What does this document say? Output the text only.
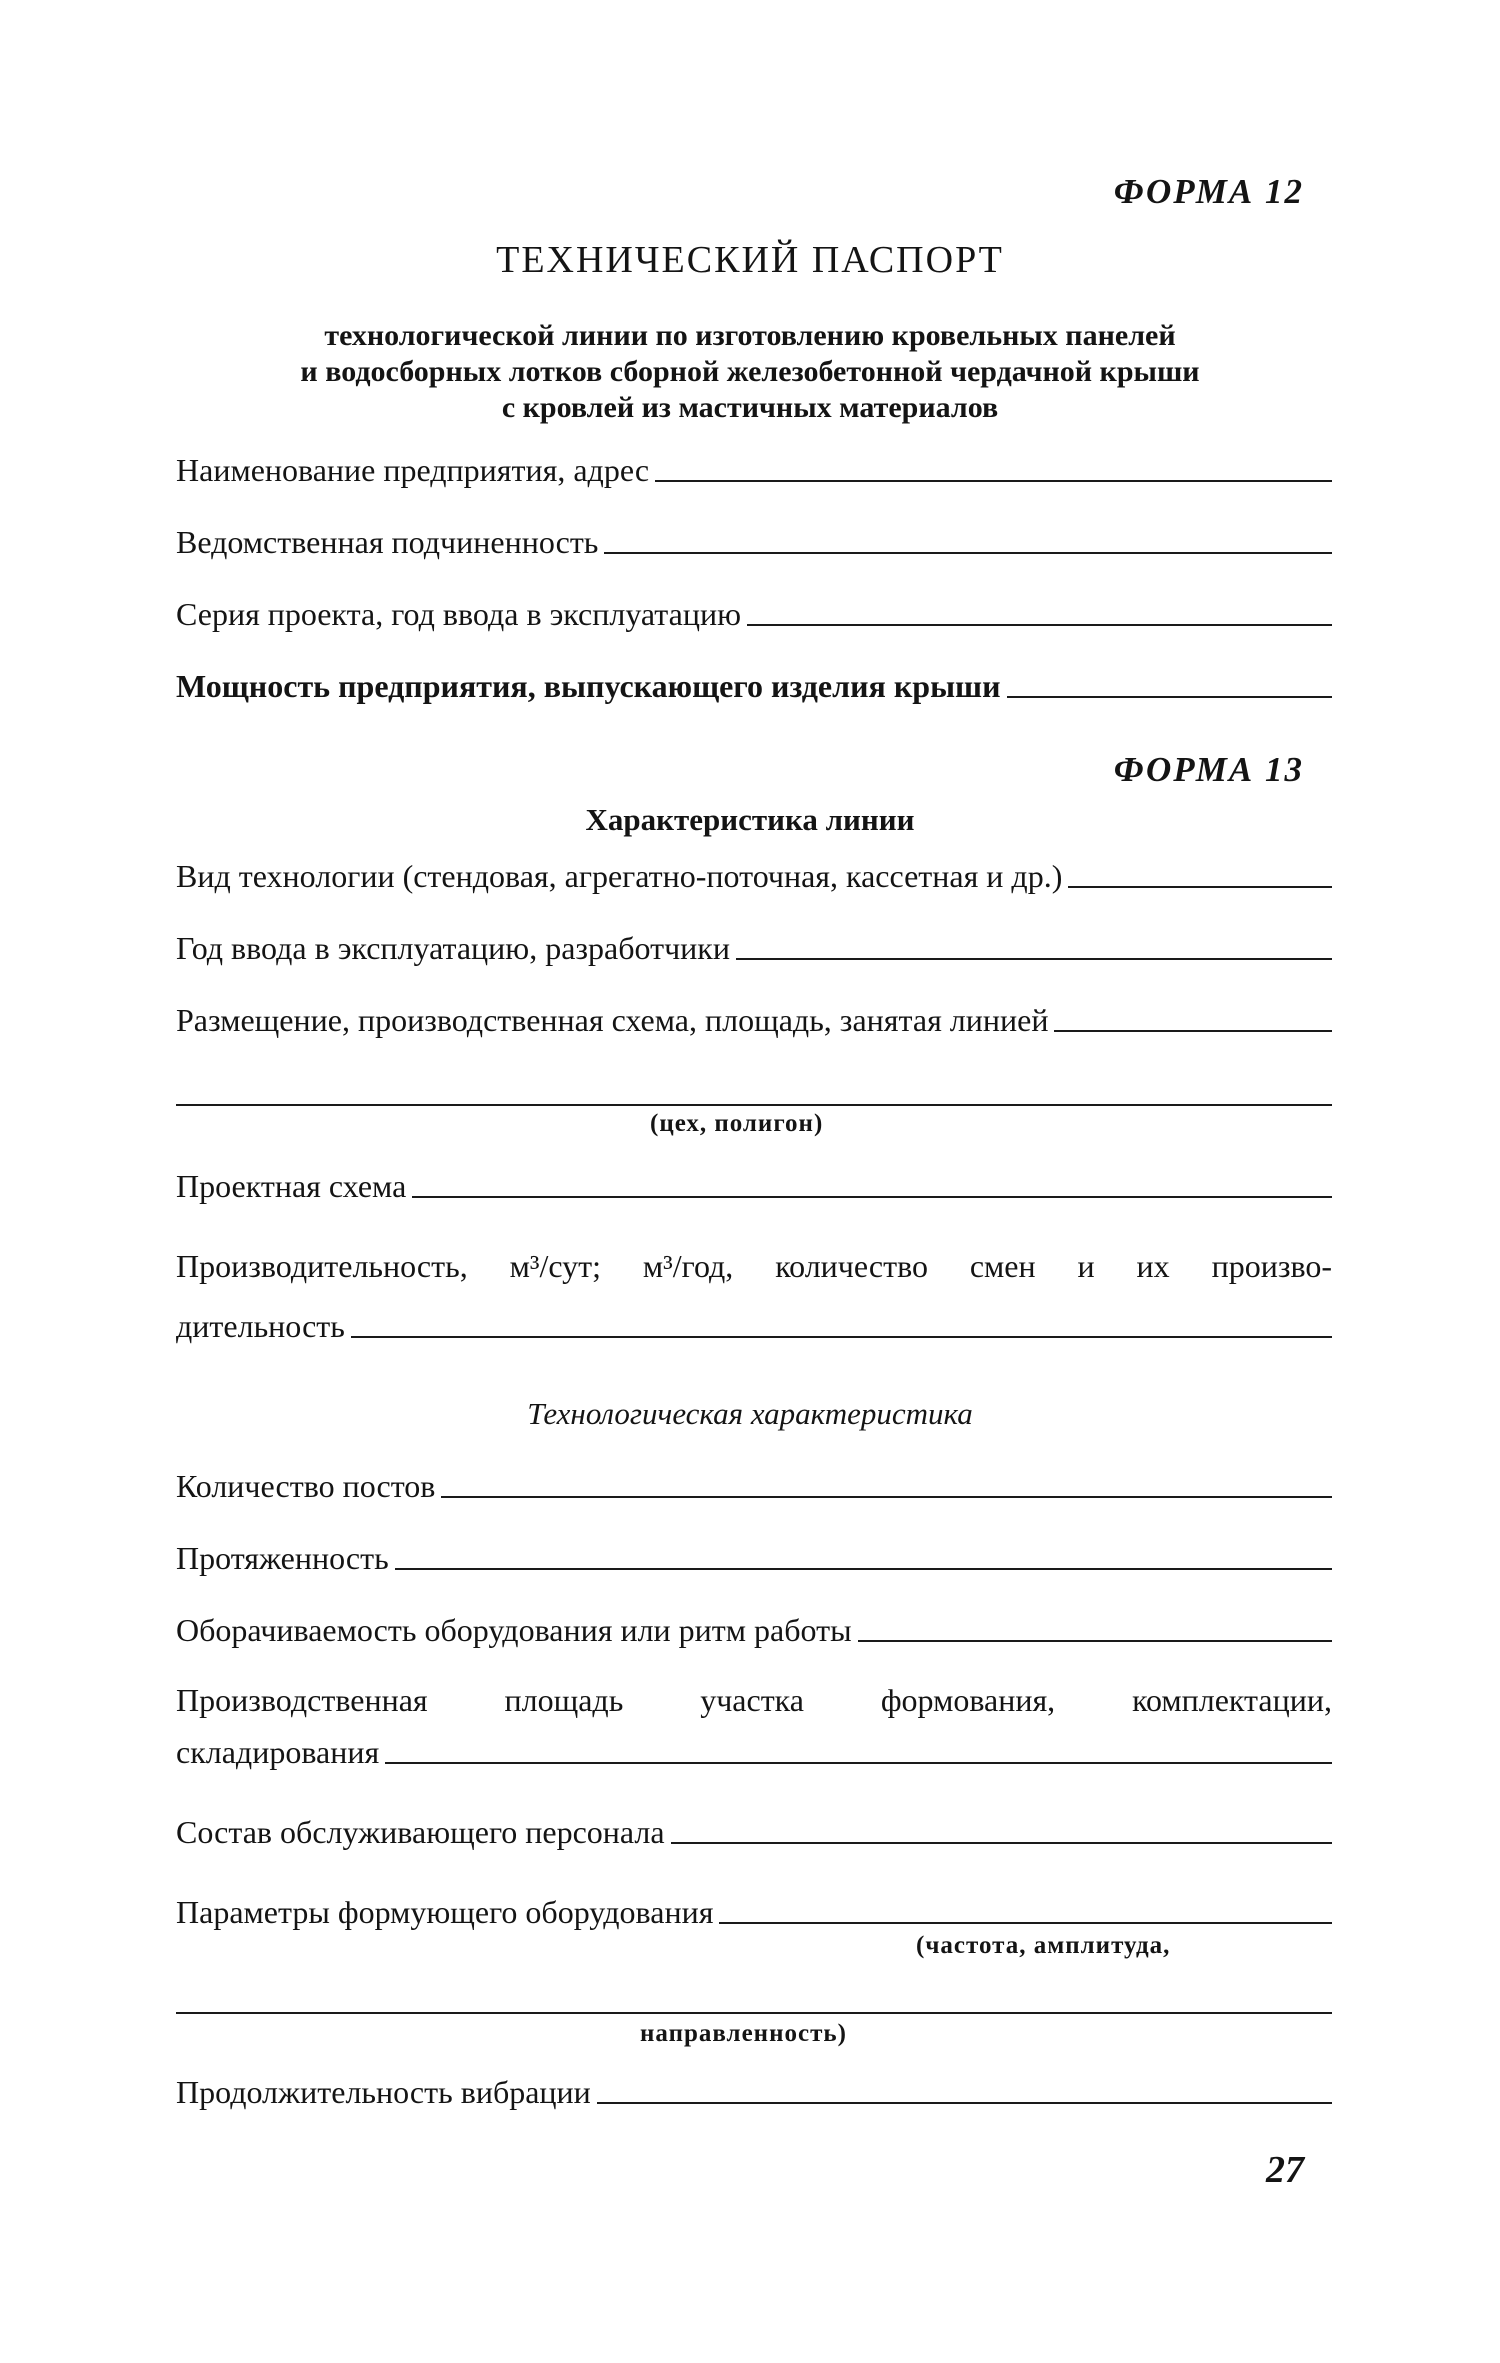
ФОРМА 12
ТЕХНИЧЕСКИЙ ПАСПОРТ
технологической линии по изготовлению кровельных панелей
и водосборных лотков сборной железобетонной чердачной крыши
с кровлей из мастичных материалов
Наименование предприятия, адрес
Ведомственная подчиненность
Серия проекта, год ввода в эксплуатацию
Мощность предприятия, выпускающего изделия крыши
ФОРМА 13
Характеристика линии
Вид технологии (стендовая, агрегатно-поточная, кассетная и др.)
Год ввода в эксплуатацию, разработчики
Размещение, производственная схема, площадь, занятая линией
(цех, полигон)
Проектная схема
Производительность, м³/сут; м³/год, количество смен и их произво-
дительность
Технологическая характеристика
Количество постов
Протяженность
Оборачиваемость оборудования или ритм работы
Производственная площадь участка формования, комплектации,
складирования
Состав обслуживающего персонала
Параметры формующего оборудования
(частота, амплитуда,
направленность)
Продолжительность вибрации
27
